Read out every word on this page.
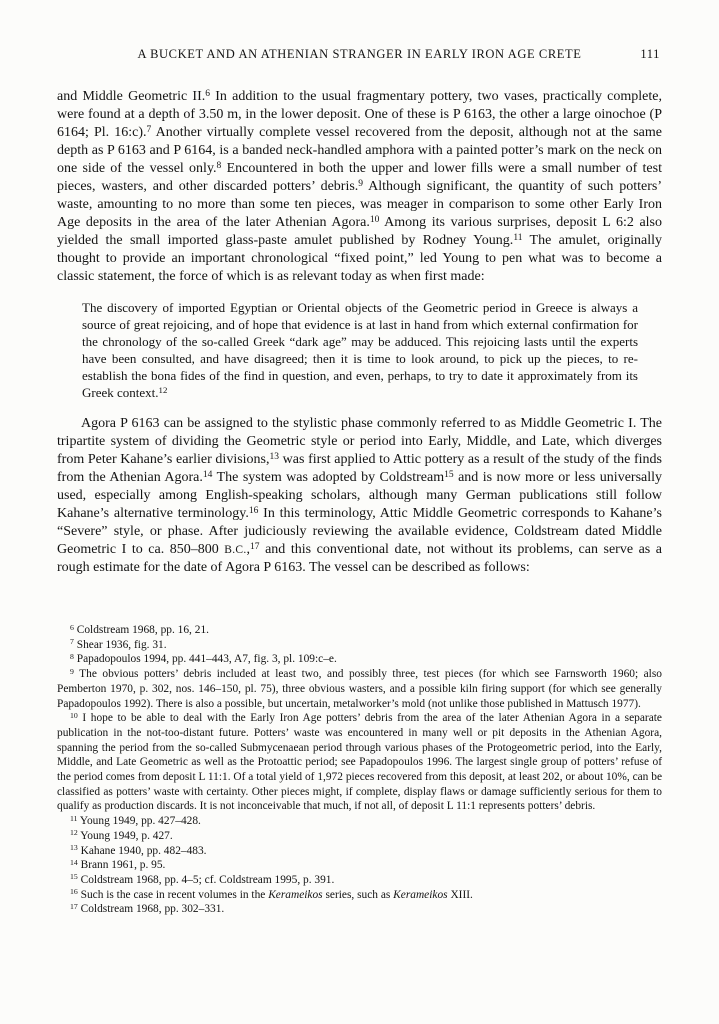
A BUCKET AND AN ATHENIAN STRANGER IN EARLY IRON AGE CRETE	111

and Middle Geometric II.$^6$ In addition to the usual fragmentary pottery, two vases, practically complete, were found at a depth of 3.50 m, in the lower deposit. One of these is P 6163, the other a large oinochoe (P 6164; Pl. 16:c).$^7$ Another virtually complete vessel recovered from the deposit, although not at the same depth as P 6163 and P 6164, is a banded neck-handled amphora with a painted potter’s mark on the neck on one side of the vessel only.$^8$ Encountered in both the upper and lower fills were a small number of test pieces, wasters, and other discarded potters’ debris.$^9$ Although significant, the quantity of such potters’ waste, amounting to no more than some ten pieces, was meager in comparison to some other Early Iron Age deposits in the area of the later Athenian Agora.$^{10}$ Among its various surprises, deposit L 6:2 also yielded the small imported glass-paste amulet published by Rodney Young.$^{11}$ The amulet, originally thought to provide an important chronological “fixed point,” led Young to pen what was to become a classic statement, the force of which is as relevant today as when first made:

The discovery of imported Egyptian or Oriental objects of the Geometric period in Greece is always a source of great rejoicing, and of hope that evidence is at last in hand from which external confirmation for the chronology of the so-called Greek “dark age” may be adduced. This rejoicing lasts until the experts have been consulted, and have disagreed; then it is time to look around, to pick up the pieces, to re-establish the bona fides of the find in question, and even, perhaps, to try to date it approximately from its Greek context.$^{12}$

Agora P 6163 can be assigned to the stylistic phase commonly referred to as Middle Geometric I. The tripartite system of dividing the Geometric style or period into Early, Middle, and Late, which diverges from Peter Kahane’s earlier divisions,$^{13}$ was first applied to Attic pottery as a result of the study of the finds from the Athenian Agora.$^{14}$ The system was adopted by Coldstream$^{15}$ and is now more or less universally used, especially among English-speaking scholars, although many German publications still follow Kahane’s alternative terminology.$^{16}$ In this terminology, Attic Middle Geometric corresponds to Kahane’s “Severe” style, or phase. After judiciously reviewing the available evidence, Coldstream dated Middle Geometric I to ca. 850–800 B.C.,$^{17}$ and this conventional date, not without its problems, can serve as a rough estimate for the date of Agora P 6163. The vessel can be described as follows:

$^6$ Coldstream 1968, pp. 16, 21.

$^7$ Shear 1936, fig. 31.

$^8$ Papadopoulos 1994, pp. 441–443, A7, fig. 3, pl. 109:c–e.

$^9$ The obvious potters’ debris included at least two, and possibly three, test pieces (for which see Farnsworth 1960; also Pemberton 1970, p. 302, nos. 146–150, pl. 75), three obvious wasters, and a possible kiln firing support (for which see generally Papadopoulos 1992). There is also a possible, but uncertain, metalworker’s mold (not unlike those published in Mattusch 1977).

$^{10}$ I hope to be able to deal with the Early Iron Age potters’ debris from the area of the later Athenian Agora in a separate publication in the not-too-distant future. Potters’ waste was encountered in many well or pit deposits in the Athenian Agora, spanning the period from the so-called Submycenaean period through various phases of the Protogeometric period, into the Early, Middle, and Late Geometric as well as the Protoattic period; see Papadopoulos 1996. The largest single group of potters’ refuse of the period comes from deposit L 11:1. Of a total yield of 1,972 pieces recovered from this deposit, at least 202, or about 10%, can be classified as potters’ waste with certainty. Other pieces might, if complete, display flaws or damage sufficiently serious for them to qualify as production discards. It is not inconceivable that much, if not all, of deposit L 11:1 represents potters’ debris.

$^{11}$ Young 1949, pp. 427–428.

$^{12}$ Young 1949, p. 427.

$^{13}$ Kahane 1940, pp. 482–483.

$^{14}$ Brann 1961, p. 95.

$^{15}$ Coldstream 1968, pp. 4–5; cf. Coldstream 1995, p. 391.

$^{16}$ Such is the case in recent volumes in the Kerameikos series, such as Kerameikos XIII.

$^{17}$ Coldstream 1968, pp. 302–331.
